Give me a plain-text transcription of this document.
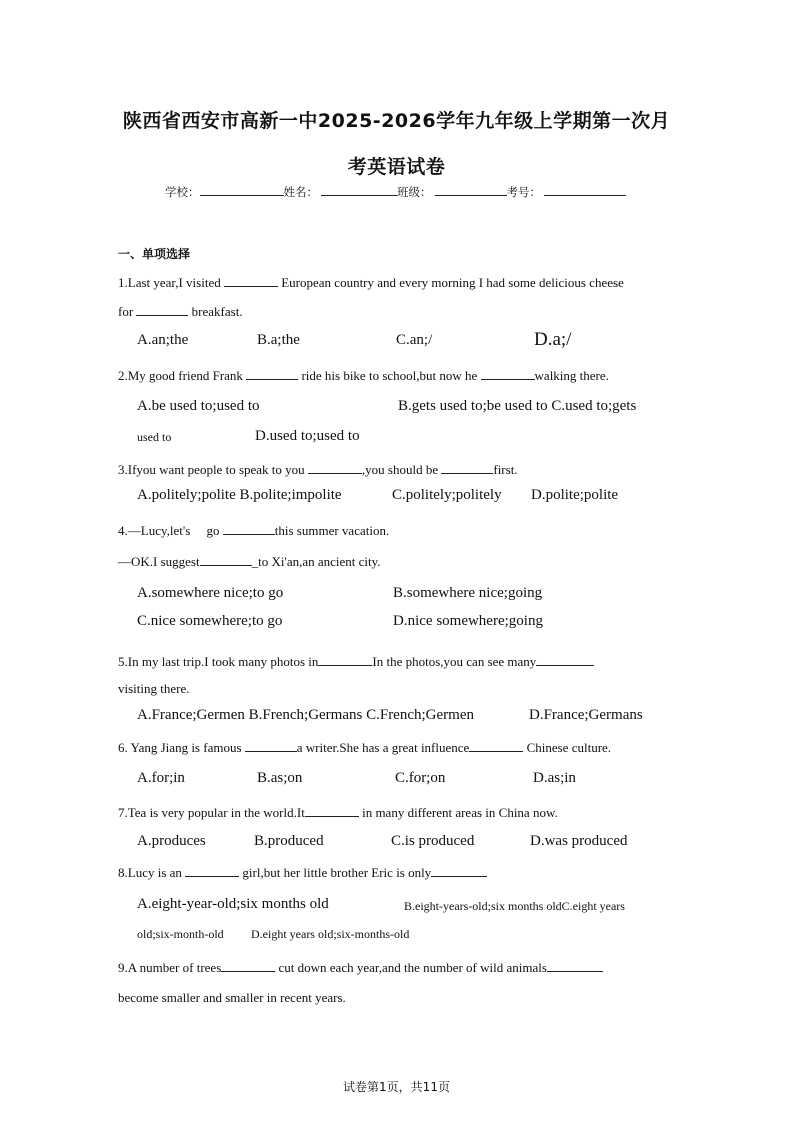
陕西省西安市高新一中2025-2026学年九年级上学期第一次月
考英语试卷
学校：	姓名：	班级：	考号：
一、单项选择
1.Last year,I visited	European country and every morning I had some delicious cheese
for	breakfast.
A.an;the	B.a;the	C.an;/	D.a;/
2.My good friend Frank	ride his bike to school,but now he	walking there.
A.be used to;used to	B.gets used to;be used to C.used to;gets
used to	D.used to;used to
3.Ifyou want people to speak to you	,you should be	first.
A.politely;polite B.polite;impolite	C.politely;politely D.polite;polite
4.—Lucy,let's go	this summer vacation.
—OK.I suggest	_to Xi'an,an ancient city.
A.somewhere nice;to go	B.somewhere nice;going
C.nice somewhere;to go	D.nice somewhere;going
5.In my last trip.I took many photos in	In the photos,you can see many
visiting there.
A.France;Germen B.French;Germans C.French;Germen	D.France;Germans
6. Yang Jiang is famous	a writer.She has a great influence	Chinese culture.
A.for;in	B.as;on	C.for;on	D.as;in
7.Tea is very popular in the world.It	in many different areas in China now.
A.produces	B.produced	C.is produced	D.was produced
8.Lucy is an	girl,but her little brother Eric is only
A.eight-year-old;six months old	B.eight-years-old;six months oldC.eight years
old;six-month-old D.eight years old;six-months-old
9.A number of trees	cut down each year,and the number of wild animals
become smaller and smaller in recent years.
试卷第1页，共11页
